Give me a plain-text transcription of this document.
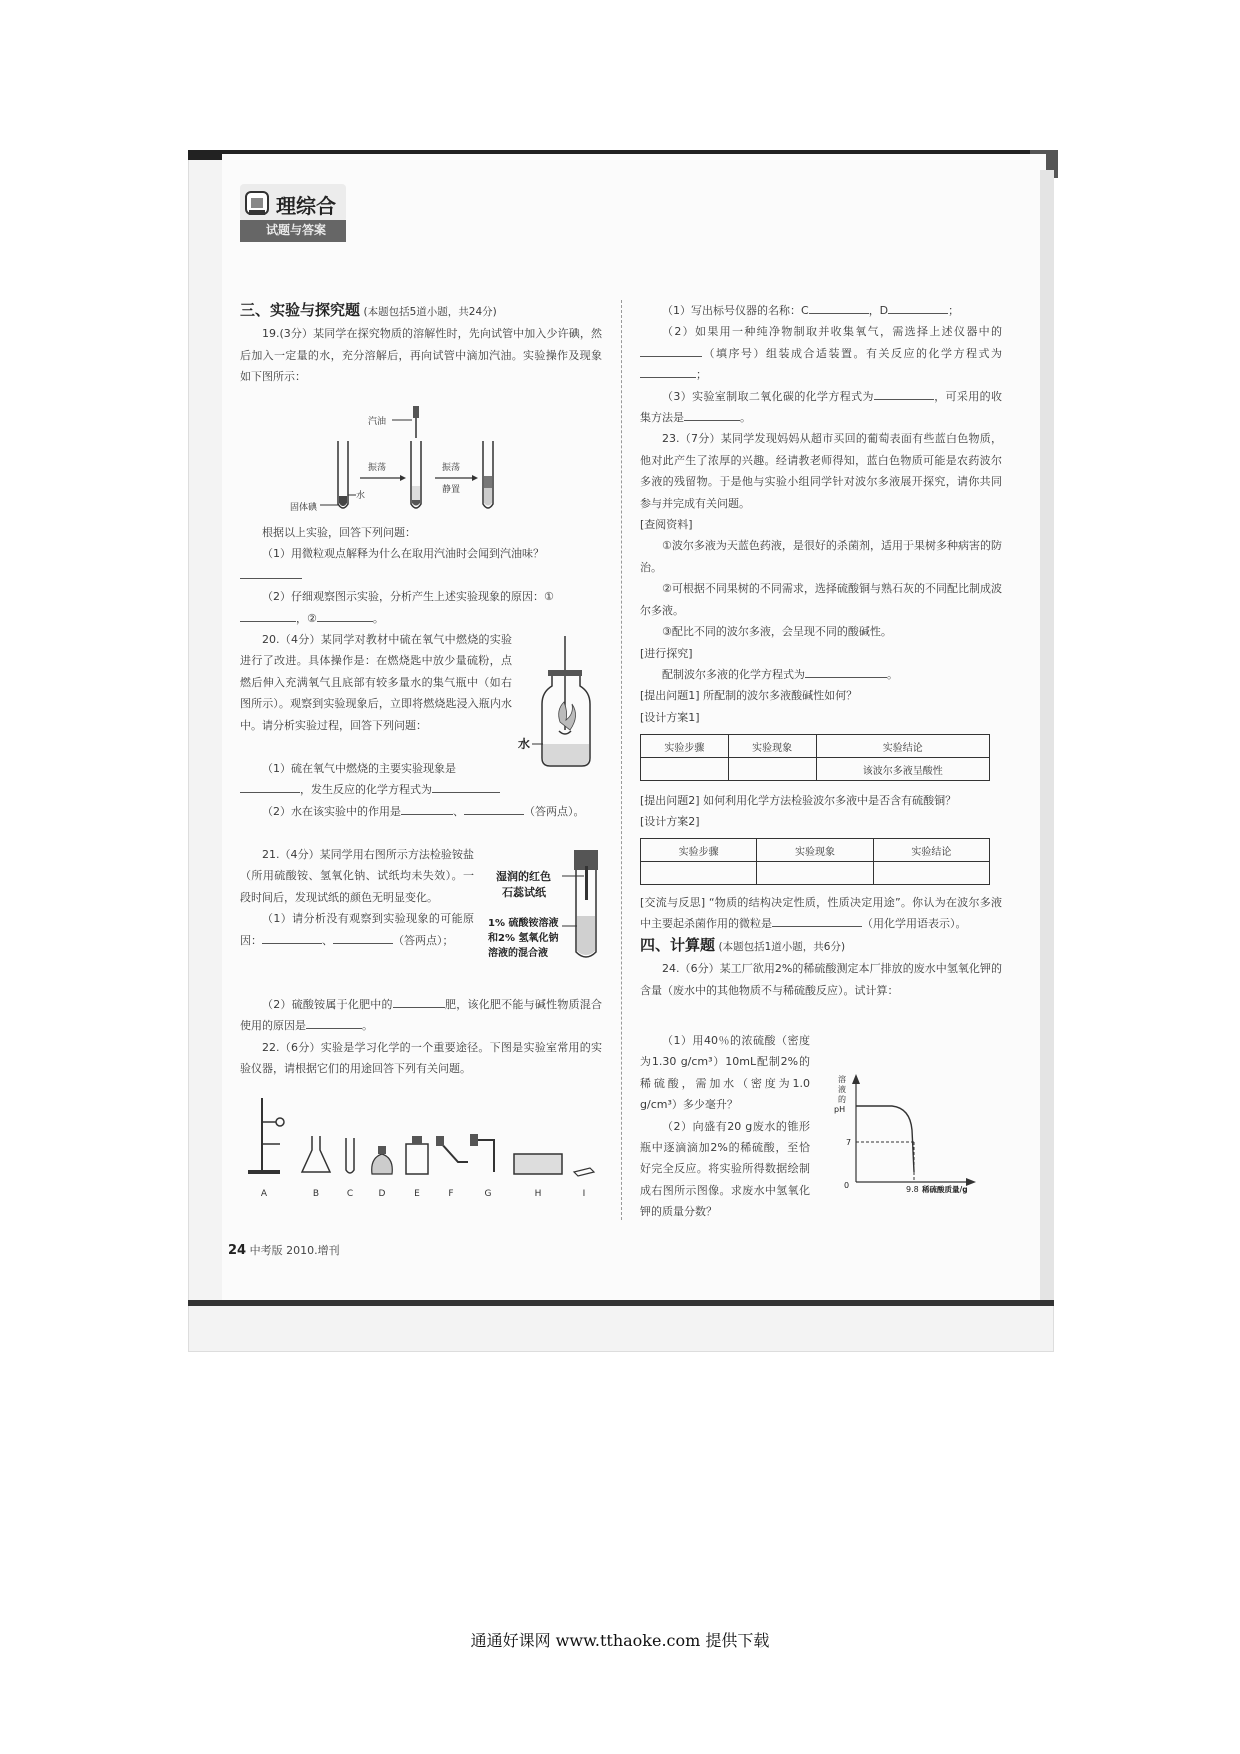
理综合
试题与答案

三、实验与探究题 (本题包括5道小题，共24分)

19.(3分）某同学在探究物质的溶解性时，先向试管中加入少许碘，然后加入一定量的水，充分溶解后，再向试管中滴加汽油。实验操作及现象如下图所示：

汽油
振荡	振荡
静置
固体碘
水

根据以上实验，回答下列问题：

（1）用微粒观点解释为什么在取用汽油时会闻到汽油味？

（2）仔细观察图示实验，分析产生上述实验现象的原因：①

，②	。

20.（4分）某同学对教材中硫在氧气中燃烧的实验进行了改进。具体操作是：在燃烧匙中放少量硫粉，点燃后伸入充满氧气且底部有较多量水的集气瓶中（如右图所示）。观察到实验现象后，立即将燃烧匙浸入瓶内水中。请分析实验过程，回答下列问题：

水

（1）硫在氧气中燃烧的主要实验现象是

，发生反应的化学方程式为

（2）水在该实验中的作用是	、	（答两点）。

21.（4分）某同学用右图所示方法检验铵盐（所用硫酸铵、氢氧化钠、试纸均未失效）。一段时间后，发现试纸的颜色无明显变化。

（1）请分析没有观察到实验现象的可能原因：	、	（答两点）；

湿润的红色
石蕊试纸
1% 硫酸铵溶液
和2% 氢氧化钠
溶液的混合液

（2）硫酸铵属于化肥中的	肥，该化肥不能与碱性物质混合使用的原因是	。

22.（6分）实验是学习化学的一个重要途径。下图是实验室常用的实验仪器，请根据它们的用途回答下列有关问题。

A	B	C	D	E	F	G	H	I

（1）写出标号仪器的名称：C	，D	；

（2）如果用一种纯净物制取并收集氧气，需选择上述仪器中的（填序号）组装成合适装置。有关反应的化学方程式为；

（3）实验室制取二氧化碳的化学方程式为	，可采用的收集方法是	。

23.（7分）某同学发现妈妈从超市买回的葡萄表面有些蓝白色物质，他对此产生了浓厚的兴趣。经请教老师得知，蓝白色物质可能是农药波尔多液的残留物。于是他与实验小组同学针对波尔多液展开探究，请你共同参与并完成有关问题。

[查阅资料]

①波尔多液为天蓝色药液，是很好的杀菌剂，适用于果树多种病害的防治。

②可根据不同果树的不同需求，选择硫酸铜与熟石灰的不同配比制成波尔多液。

③配比不同的波尔多液，会呈现不同的酸碱性。

[进行探究]

配制波尔多液的化学方程式为	。

[提出问题1] 所配制的波尔多液酸碱性如何？

[设计方案1]

实验步骤	实验现象	实验结论
		该波尔多液呈酸性

[提出问题2] 如何利用化学方法检验波尔多液中是否含有硫酸铜？

[设计方案2]

实验步骤	实验现象	实验结论

[交流与反思] “物质的结构决定性质，性质决定用途”。你认为在波尔多液中主要起杀菌作用的微粒是	（用化学用语表示）。

四、计算题 (本题包括1道小题，共6分)

24.（6分）某工厂欲用2%的稀硫酸测定本厂排放的废水中氢氧化钾的含量（废水中的其他物质不与稀硫酸反应）。试计算：

（1）用40％的浓硫酸（密度为1.30 g/cm³）10mL配制2%的稀硫酸，需加水（密度为1.0 g/cm³）多少毫升？

（2）向盛有20 g废水的锥形瓶中逐滴滴加2%的稀硫酸，至恰好完全反应。将实验所得数据绘制成右图所示图像。求废水中氢氧化钾的质量分数？

溶
液
的
pH
7
0	9.8 稀硫酸质量/g
24 中考版 2010.增刊
通通好课网 www.tthaoke.com 提供下载
